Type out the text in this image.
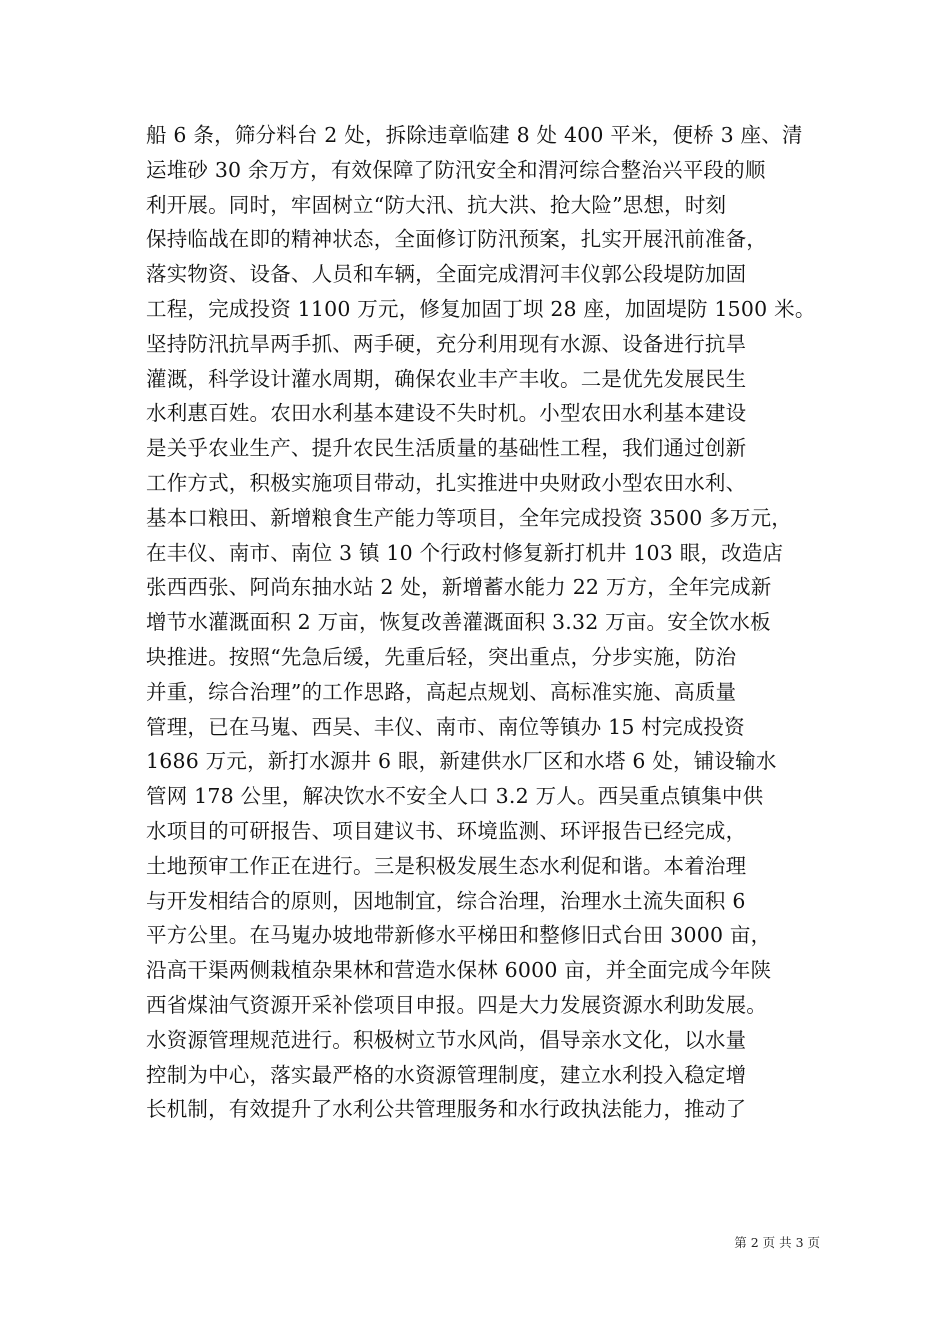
船 6 条，筛分料台 2 处，拆除违章临建 8 处 400 平米，便桥 3 座、清
运堆砂 30 余万方，有效保障了防汛安全和渭河综合整治兴平段的顺
利开展。同时，牢固树立“防大汛、抗大洪、抢大险”思想，时刻
保持临战在即的精神状态，全面修订防汛预案，扎实开展汛前准备，
落实物资、设备、人员和车辆，全面完成渭河丰仪郭公段堤防加固
工程，完成投资 1100 万元，修复加固丁坝 28 座，加固堤防 1500 米。
坚持防汛抗旱两手抓、两手硬，充分利用现有水源、设备进行抗旱
灌溉，科学设计灌水周期，确保农业丰产丰收。二是优先发展民生
水利惠百姓。农田水利基本建设不失时机。小型农田水利基本建设
是关乎农业生产、提升农民生活质量的基础性工程，我们通过创新
工作方式，积极实施项目带动，扎实推进中央财政小型农田水利、
基本口粮田、新增粮食生产能力等项目，全年完成投资 3500 多万元，
在丰仪、南市、南位 3 镇 10 个行政村修复新打机井 103 眼，改造店
张西西张、阿尚东抽水站 2 处，新增蓄水能力 22 万方，全年完成新
增节水灌溉面积 2 万亩，恢复改善灌溉面积 3.32 万亩。安全饮水板
块推进。按照“先急后缓，先重后轻，突出重点，分步实施，防治
并重，综合治理”的工作思路，高起点规划、高标准实施、高质量
管理，已在马嵬、西吴、丰仪、南市、南位等镇办 15 村完成投资
1686 万元，新打水源井 6 眼，新建供水厂区和水塔 6 处，铺设输水
管网 178 公里，解决饮水不安全人口 3.2 万人。西吴重点镇集中供
水项目的可研报告、项目建议书、环境监测、环评报告已经完成，
土地预审工作正在进行。三是积极发展生态水利促和谐。本着治理
与开发相结合的原则，因地制宜，综合治理，治理水土流失面积 6
平方公里。在马嵬办坡地带新修水平梯田和整修旧式台田 3000 亩，
沿高干渠两侧栽植杂果林和营造水保林 6000 亩，并全面完成今年陕
西省煤油气资源开采补偿项目申报。四是大力发展资源水利助发展。
水资源管理规范进行。积极树立节水风尚，倡导亲水文化，以水量
控制为中心，落实最严格的水资源管理制度，建立水利投入稳定增
长机制，有效提升了水利公共管理服务和水行政执法能力，推动了
第 2 页 共 3 页
